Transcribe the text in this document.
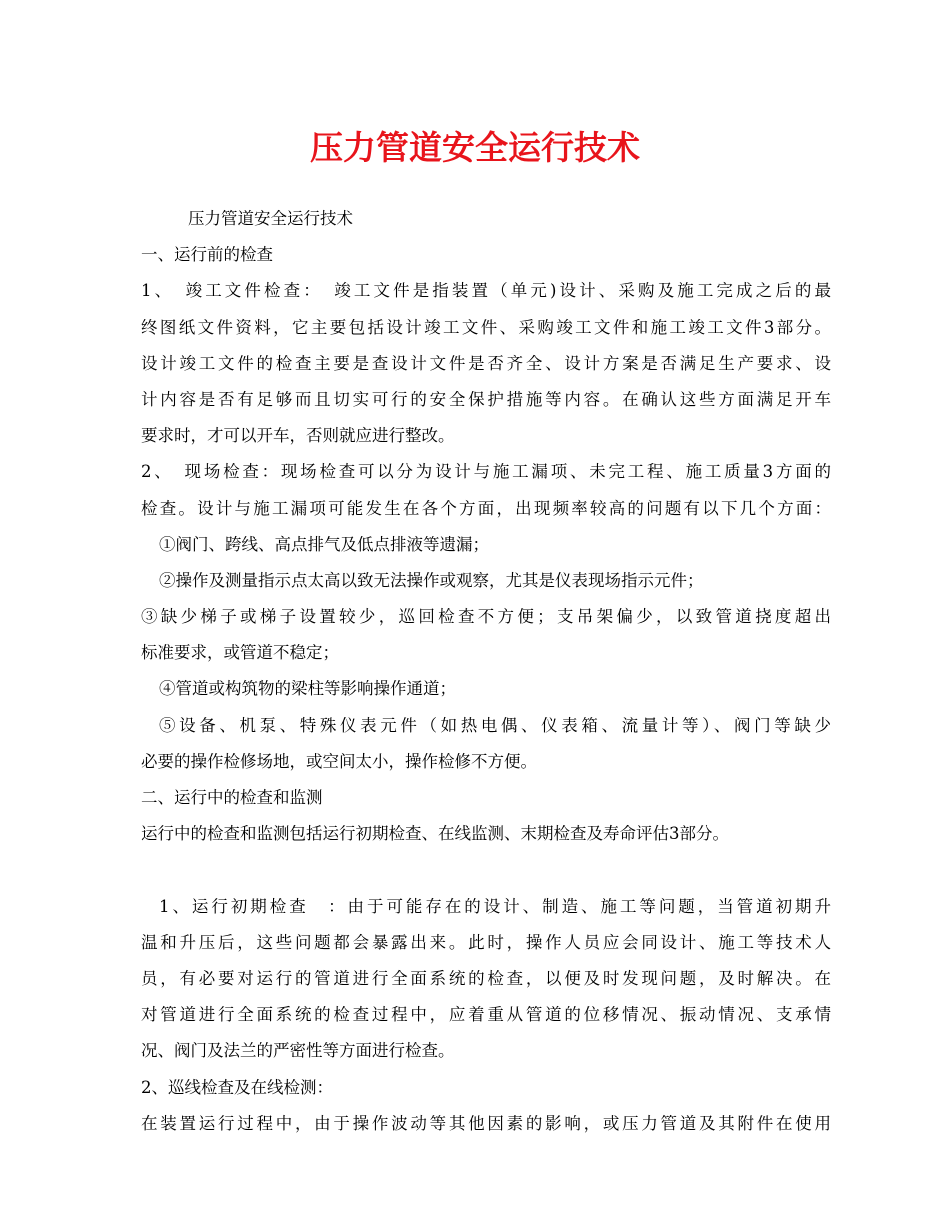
压力管道安全运行技术

压力管道安全运行技术

一、运行前的检查

1、　竣工文件检查：　竣工文件是指装置（单元)设计、采购及施工完成之后的最

终图纸文件资料，它主要包括设计竣工文件、采购竣工文件和施工竣工文件3部分。

设计竣工文件的检查主要是查设计文件是否齐全、设计方案是否满足生产要求、设

计内容是否有足够而且切实可行的安全保护措施等内容。在确认这些方面满足开车

要求时，才可以开车，否则就应进行整改。

2、　现场检查：现场检查可以分为设计与施工漏项、未完工程、施工质量3方面的

检查。设计与施工漏项可能发生在各个方面，出现频率较高的问题有以下几个方面：

①阀门、跨线、高点排气及低点排液等遗漏；

②操作及测量指示点太高以致无法操作或观察，尤其是仪表现场指示元件；

③缺少梯子或梯子设置较少，巡回检查不方便；支吊架偏少，以致管道挠度超出

标准要求，或管道不稳定；

④管道或构筑物的梁柱等影响操作通道；

⑤设备、机泵、特殊仪表元件（如热电偶、仪表箱、流量计等）、阀门等缺少

必要的操作检修场地，或空间太小，操作检修不方便。

二、运行中的检查和监测

运行中的检查和监测包括运行初期检查、在线监测、末期检查及寿命评估3部分。

1、运行初期检查　：由于可能存在的设计、制造、施工等问题，当管道初期升

温和升压后，这些问题都会暴露出来。此时，操作人员应会同设计、施工等技术人

员，有必要对运行的管道进行全面系统的检查，以便及时发现问题，及时解决。在

对管道进行全面系统的检查过程中，应着重从管道的位移情况、振动情况、支承情

况、阀门及法兰的严密性等方面进行检查。

2、巡线检查及在线检测：

在装置运行过程中，由于操作波动等其他因素的影响，或压力管道及其附件在使用
